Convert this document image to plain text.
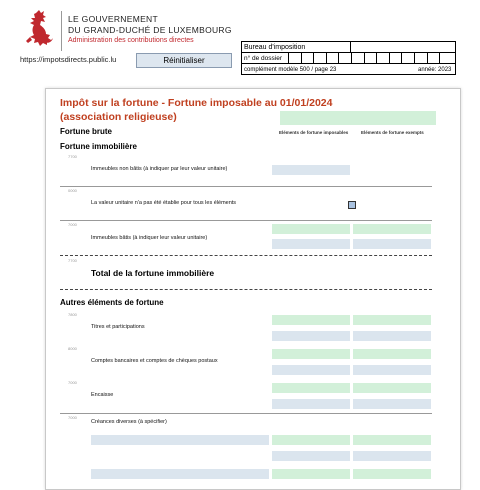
LE GOUVERNEMENT
DU GRAND-DUCHÉ DE LUXEMBOURG
Administration des contributions directes
https://impotsdirects.public.lu	Réinitialiser
Bureau d'imposition
n° de dossier
complément modèle 500 / page 23	année: 2023
Impôt sur la fortune - Fortune imposable au 01/01/2024
(association religieuse)
Fortune brute	Eléments de fortune imposables	Eléments de fortune exempts
Fortune immobilière
7700
Immeubles non bâtis (à indiquer par leur valeur unitaire)
0000
La valeur unitaire n'a pas été établie pour tous les éléments
7000
Immeubles bâtis (à indiquer leur valeur unitaire)
7700
Total de la fortune immobilière
Autres éléments de fortune
7800
Titres et participations
8000
Comptes bancaires et comptes de chèques postaux
7000
Encaisse
7000
Créances diverses (à spécifier)
